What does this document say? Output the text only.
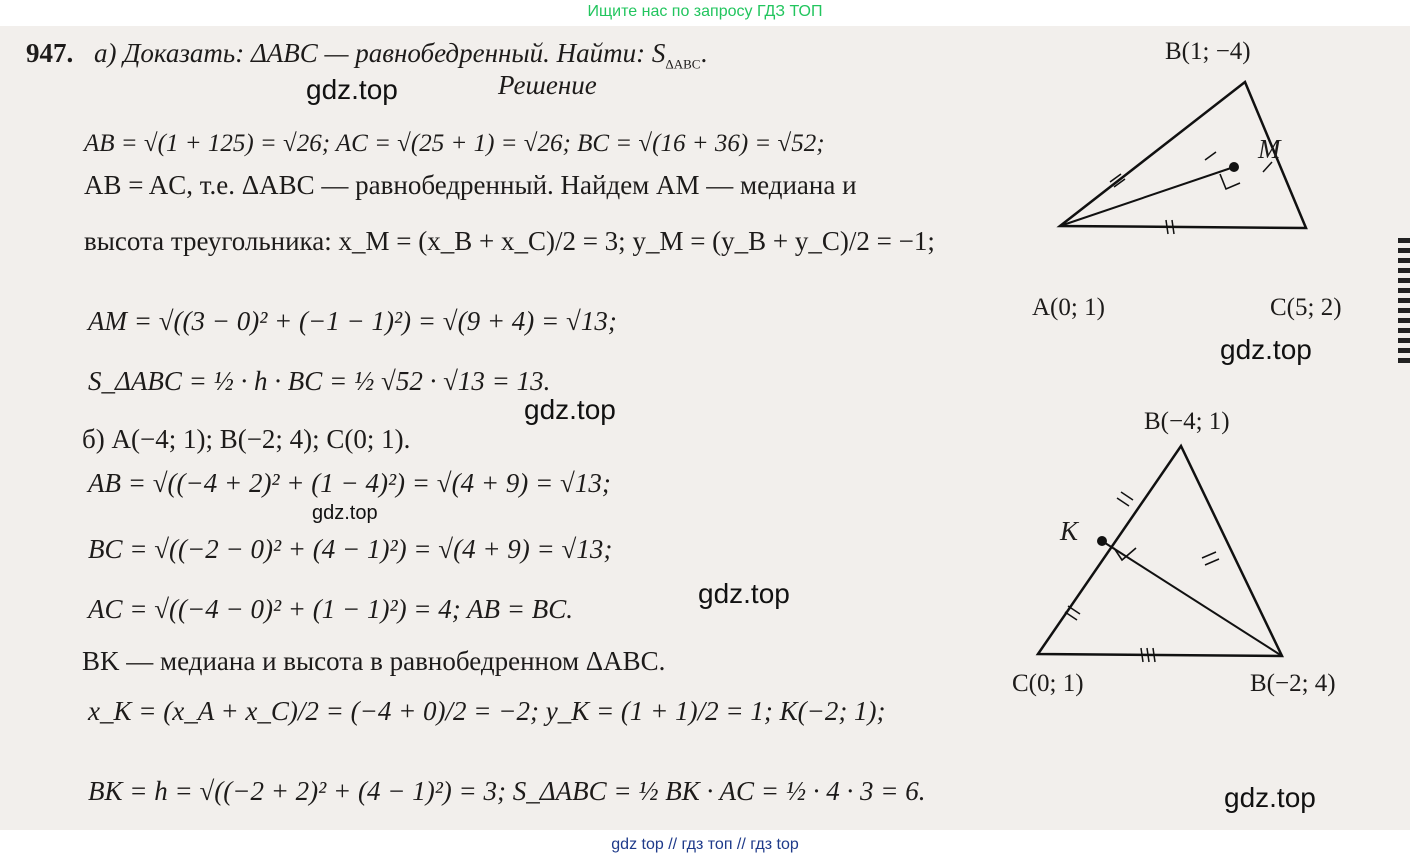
Ищите нас по запросу ГДЗ ТОП
947. а) Доказать: ΔABC — равнобедренный. Найти: $S_{\Delta ABC}$.
Решение
AB = √(1 + 125) = √26; AC = √(25 + 1) = √26; BC = √(16 + 36) = √52;
AB = AC, т.е. ΔABC — равнобедренный. Найдем AM — медиана и
высота треугольника: x_M = (x_B + x_C)/2 = 3; y_M = (y_B + y_C)/2 = −1;
AM = √((3 − 0)² + (−1 − 1)²) = √(9 + 4) = √13;
S_ΔABC = ½ · h · BC = ½ √52 · √13 = 13.
б) A(−4; 1); B(−2; 4); C(0; 1).
AB = √((−4 + 2)² + (1 − 4)²) = √(4 + 9) = √13;
BC = √((−2 − 0)² + (4 − 1)²) = √(4 + 9) = √13;
AC = √((−4 − 0)² + (1 − 1)²) = 4; AB = BC.
BK — медиана и высота в равнобедренном ΔABC.
x_K = (x_A + x_C)/2 = (−4 + 0)/2 = −2; y_K = (1 + 1)/2 = 1; K(−2; 1);
BK = h = √((−2 + 2)² + (4 − 1)²) = 3; S_ΔABC = ½ BK · AC = ½ · 4 · 3 = 6.
B(1; −4)
M
A(0; 1)	C(5; 2)
B(−4; 1)
K
C(0; 1)	B(−2; 4)
gdz.top
gdz.top
gdz.top
gdz.top
gdz.top
gdz.top
gdz top // гдз топ // гдз top
